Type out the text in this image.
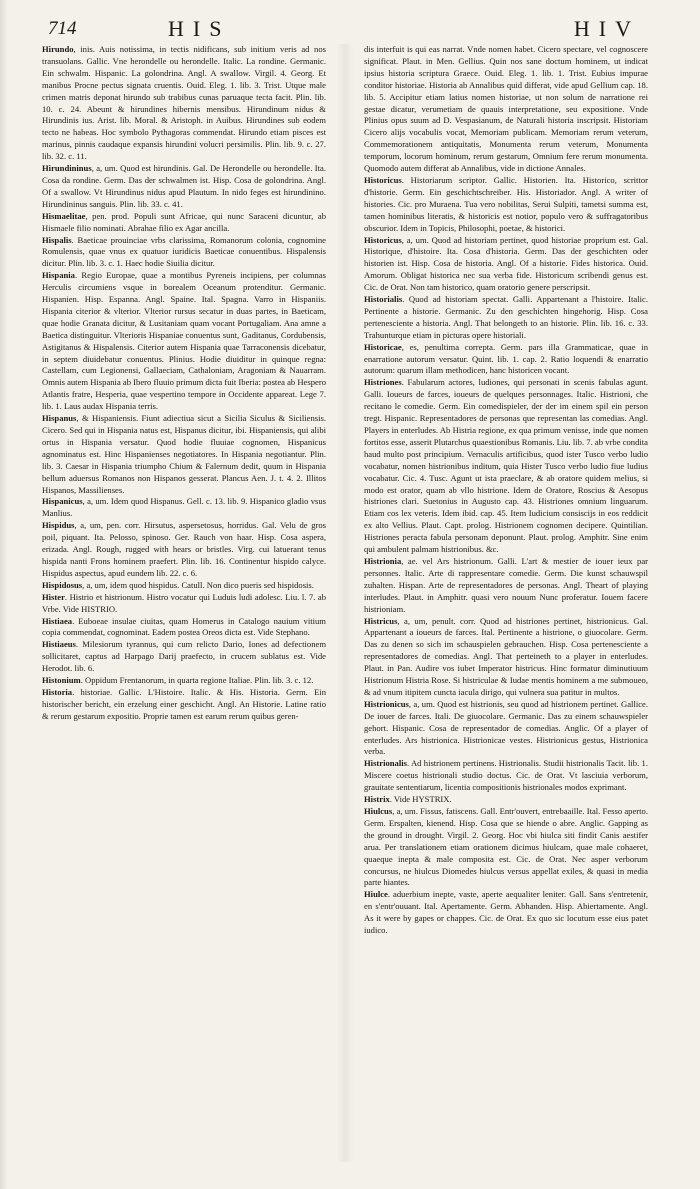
714	HIS	HIV

Hirundo, inis. Auis notissima, in tectis nidificans, sub initium veris ad nos transuolans. Gallic. Vne herondelle ou herondelle. Italic. La rondine. Germanic. Ein schwalm. Hispanic. La golondrina. Angl. A swallow. Virgil. 4. Georg. Et manibus Procne pectus signata cruentis. Ouid. Eleg. 1. lib. 3. Trist. Utque male crimen matris deponat hirundo sub trabibus cunas paruaque tecta facit. Plin. lib. 10. c. 24. Abeunt & hirundines hibernis mensibus. Hirundinum nidus & Hirundinis ius. Arist. lib. Moral. & Aristoph. in Auibus. Hirundines sub eodem tecto ne habeas. Hoc symbolo Pythagoras commendat. Hirundo etiam pisces est marinus, pinnis caudaque expansis hirundini volucri persimilis. Plin. lib. 9. c. 27. lib. 32. c. 11.

Hirundininus, a, um. Quod est hirundinis. Gal. De Herondelle ou herondelle. Ita. Cosa da rondine. Germ. Das der schwalmen ist. Hisp. Cosa de golondrina. Angl. Of a swallow. Vt Hirundinus nidus apud Plautum. In nido feges est hirundinino. Hirundininus sanguis. Plin. lib. 33. c. 41.

Hismaelitae, pen. prod. Populi sunt Africae, qui nunc Saraceni dicuntur, ab Hismaele filio nominati. Abrahae filio ex Agar ancilla.

Hispalis. Baeticae prouinciae vrbs clarissima, Romanorum colonia, cognomine Romulensis, quae vnus ex quatuor iuridicis Baeticae conuentibus. Hispalensis dicitur. Plin. lib. 3. c. 1. Haec hodie Siuilia dicitur.

Hispania. Regio Europae, quae a montibus Pyreneis incipiens, per columnas Herculis circumiens vsque in borealem Oceanum protenditur. Germanic. Hispanien. Hisp. Espanna. Angl. Spaine. Ital. Spagna. Varro in Hispaniis. Hispania citerior & vlterior. Vlterior rursus secatur in duas partes, in Baeticam, quae hodie Granata dicitur, & Lusitaniam quam vocant Portugaliam. Ana amne a Baetica distinguitur. Vlterioris Hispaniae conuentus sunt, Gaditanus, Cordubensis, Astigitanus & Hispalensis. Citerior autem Hispania quae Tarraconensis dicebatur, in septem diuidebatur conuentus. Plinius. Hodie diuiditur in quinque regna: Castellam, cum Legionensi, Gallaeciam, Cathaloniam, Aragoniam & Nauarram. Omnis autem Hispania ab Ibero fluuio primum dicta fuit Iberia: postea ab Hespero Atlantis fratre, Hesperia, quae vespertino tempore in Occidente appareat. Lege 7. lib. 1. Laus audax Hispania terris.

Hispanus, & Hispaniensis. Fiunt adiectiua sicut a Sicilia Siculus & Siciliensis. Cicero. Sed qui in Hispania natus est, Hispanus dicitur, ibi. Hispaniensis, qui alibi ortus in Hispania versatur. Quod hodie fluuiae cognomen, Hispanicus agnominatus est. Hinc Hispanienses negotiatores. In Hispania negotiantur. Plin. lib. 3. Caesar in Hispania triumpho Chium & Falernum dedit, quum in Hispania bellum aduersus Romanos non Hispanos gesserat. Plancus Aen. J. t. 4. 2. Illitos Hispanos, Massilienses.

Hispanicus, a, um. Idem quod Hispanus. Gell. c. 13. lib. 9. Hispanico gladio vsus Manlius.

Hispidus, a, um, pen. corr. Hirsutus, aspersetosus, horridus. Gal. Velu de gros poil, piquant. Ita. Pelosso, spinoso. Ger. Rauch von haar. Hisp. Cosa aspera, erizada. Angl. Rough, rugged with hears or bristles. Virg. cui latuerant tenus hispida nanti Frons hominem praefert. Plin. lib. 16. Continentur hispido calyce. Hispidus aspectus, apud eundem lib. 22. c. 6.

Hispidosus, a, um, idem quod hispidus. Catull. Non dico pueris sed hispidosis.

Hister. Histrio et histrionum. Histro vocatur qui Luduis ludi adolesc. Liu. l. 7. ab Vrbe. Vide HISTRIO.

Histiaea. Euboeae insulae ciuitas, quam Homerus in Catalogo nauium vitium copia commendat, cognominat. Eadem postea Oreos dicta est. Vide Stephano.

Histiaeus. Milesiorum tyrannus, qui cum relicto Dario, Iones ad defectionem sollicitaret, captus ad Harpago Darij praefecto, in crucem sublatus est. Vide Herodot. lib. 6.

Histonium. Oppidum Frentanorum, in quarta regione Italiae. Plin. lib. 3. c. 12.

Historia. historiae. Gallic. L'Histoire. Italic. & His. Historia. Germ. Ein historischer bericht, ein erzelung einer geschicht. Angl. An Historie. Latine ratio & rerum gestarum expositio. Proprie tamen est earum rerum quibus geren-

dis interfuit is qui eas narrat. Vnde nomen habet. Cicero spectare, vel cognoscere significat. Plaut. in Men. Gellius. Quin nos sane doctum hominem, ut indicat ipsius historia scriptura Graece. Ouid. Eleg. 1. lib. 1. Trist. Eubius impurae conditor historiae. Historia ab Annalibus quid differat, vide apud Gellium cap. 18. lib. 5. Accipitur etiam latius nomen historiae, ut non solum de narratione rei gestae dicatur, verumetiam de quauis interpretatione, seu expositione. Vnde Plinius opus suum ad D. Vespasianum, de Naturali historia inscripsit. Historiam Cicero alijs vocabulis vocat, Memoriam publicam. Memoriam rerum veterum, Commemorationem antiquitatis, Monumenta rerum veterum, Monumenta temporum, locorum hominum, rerum gestarum, Omnium fere rerum monumenta. Quomodo autem differat ab Annalibus, vide in dictione Annales.

Historicus. Historiarum scriptor. Gallic. Historien. Ita. Historico, scrittor d'historie. Germ. Ein geschichtschreiber. His. Historiador. Angl. A writer of histories. Cic. pro Muraena. Tua vero nobilitas, Serui Sulpiti, tametsi summa est, tamen hominibus literatis, & historicis est notior, populo vero & suffragatoribus obscurior. Idem in Topicis, Philosophi, poetae, & historici.

Historicus, a, um. Quod ad historiam pertinet, quod historiae proprium est. Gal. Historique, d'histoire. Ita. Cosa d'historia. Germ. Das der geschichten oder historien ist. Hisp. Cosa de historia. Angl. Of a historie. Fides historica. Ouid. Amorum. Obligat historica nec sua verba fide. Historicum scribendi genus est. Cic. de Orat. Non tam historico, quam oratorio genere perscripsit.

Historialis. Quod ad historiam spectat. Galli. Appartenant a l'histoire. Italic. Pertinente a historie. Germanic. Zu den geschichten hingehorig. Hisp. Cosa pertenesciente a historia. Angl. That belongeth to an historie. Plin. lib. 16. c. 33. Trahunturque etiam in picturas opere historiali.

Historicae, es, penultima correpta. Germ. pars illa Grammaticae, quae in enarratione autorum versatur. Quint. lib. 1. cap. 2. Ratio loquendi & enarratio autorum: quarum illam methodicen, hanc historicen vocant.

Histriones. Fabularum actores, ludiones, qui personati in scenis fabulas agunt. Galli. Ioueurs de farces, ioueurs de quelques personnages. Italic. Histrioni, che recitano le comedie. Germ. Ein comedispieler, der der im einem spil ein person tregt. Hispanic. Representadores de personas que representan las comedias. Angl. Players in enterludes. Ab Histria regione, ex qua primum venisse, inde que nomen fortitos esse, asserit Plutarchus quaestionibus Romanis. Liu. lib. 7. ab vrbe condita haud multo post principium. Vernaculis artificibus, quod ister Tusco verbo ludio vocabatur, nomen histrionibus inditum, quia Hister Tusco verbo ludio fiue ludius vocabatur. Cic. 4. Tusc. Agunt ut ista praeclare, & ab oratore quidem melius, si modo est orator, quam ab vllo histrione. Idem de Oratore, Roscius & Aesopus histriones clari. Suetonius in Augusto cap. 43. Histriones omnium linguarum. Etiam cos lex veteris. Idem ibid. cap. 45. Item Iudicium consiscijs in eos reddicit ex alto Vellius. Plaut. Capt. prolog. Histrionem cognomen decipere. Quintilian. Histriones peracta fabula personam deponunt. Plaut. prolog. Amphitr. Sine enim qui ambulent palmam histrionibus. &c.

Histrionia, ae. vel Ars histrionum. Galli. L'art & mestier de iouer ieux par personnes. Italic. Arte di rappresentare comedie. Germ. Die kunst schauwspil zuhalten. Hispan. Arte de representadores de personas. Angl. Theart of playing interludes. Plaut. in Amphitr. quasi vero nouum Nunc proferatur. Iouem facere histrioniam.

Histricus, a, um, penult. corr. Quod ad histriones pertinet, histrionicus. Gal. Appartenant a ioueurs de farces. Ital. Pertinente a histrione, o giuocolare. Germ. Das zu denen so sich im schauspielen gebrauchen. Hisp. Cosa pertenesciente a representadores de comedias. Angl. That perteineth to a player in enterludes. Plaut. in Pan. Audire vos iubet Imperator histricus. Hinc formatur diminutiuum Histrionum Histria Rose. Si histriculae & Iudae mentis hominem a me submoueo, & ad vnum itipitem cuncta iacula dirigo, qui vulnera sua patitur in multos.

Histrionicus, a, um. Quod est histrionis, seu quod ad histrionem pertinet. Gallice. De iouer de farces. Itali. De giuocolare. Germanic. Das zu einem schauwspieler gehort. Hispanic. Cosa de representador de comedias. Anglic. Of a player of enterludes. Ars histrionica. Histrionicae vestes. Histrionicus gestus, Histrionica verba.

Histrionalis. Ad histrionem pertinens. Histrionalis. Studii histrionalis Tacit. lib. 1. Miscere coetus histrionali studio doctus. Cic. de Orat. Vt lasciuia verborum, grauitate sententiarum, licentia compositionis histrionales modos exprimant.

Histrix. Vide HYSTRIX.

Hiulcus, a, um. Fissus, fatiscens. Gall. Entr'ouvert, entrebaaille. Ital. Fesso aperto. Germ. Erspalten, kienend. Hisp. Cosa que se hiende o abre. Anglic. Gapping as the ground in drought. Virgil. 2. Georg. Hoc vbi hiulca siti findit Canis aestifer arua. Per translationem etiam orationem dicimus hiulcam, quae male cohaeret, quaeque inepta & male composita est. Cic. de Orat. Nec asper verborum concursus, ne hiulcus Diomedes hiulcus versus appellat exiles, & quasi in media parte hiantes.

Hiulce. aduerbium inepte, vaste, aperte aequaliter leniter. Gall. Sans s'entretenir, en s'entr'ouuant. Ital. Apertamente. Germ. Abhanden. Hisp. Abiertamente. Angl. As it were by gapes or chappes. Cic. de Orat. Ex quo sic locutum esse eius patet iudico.
